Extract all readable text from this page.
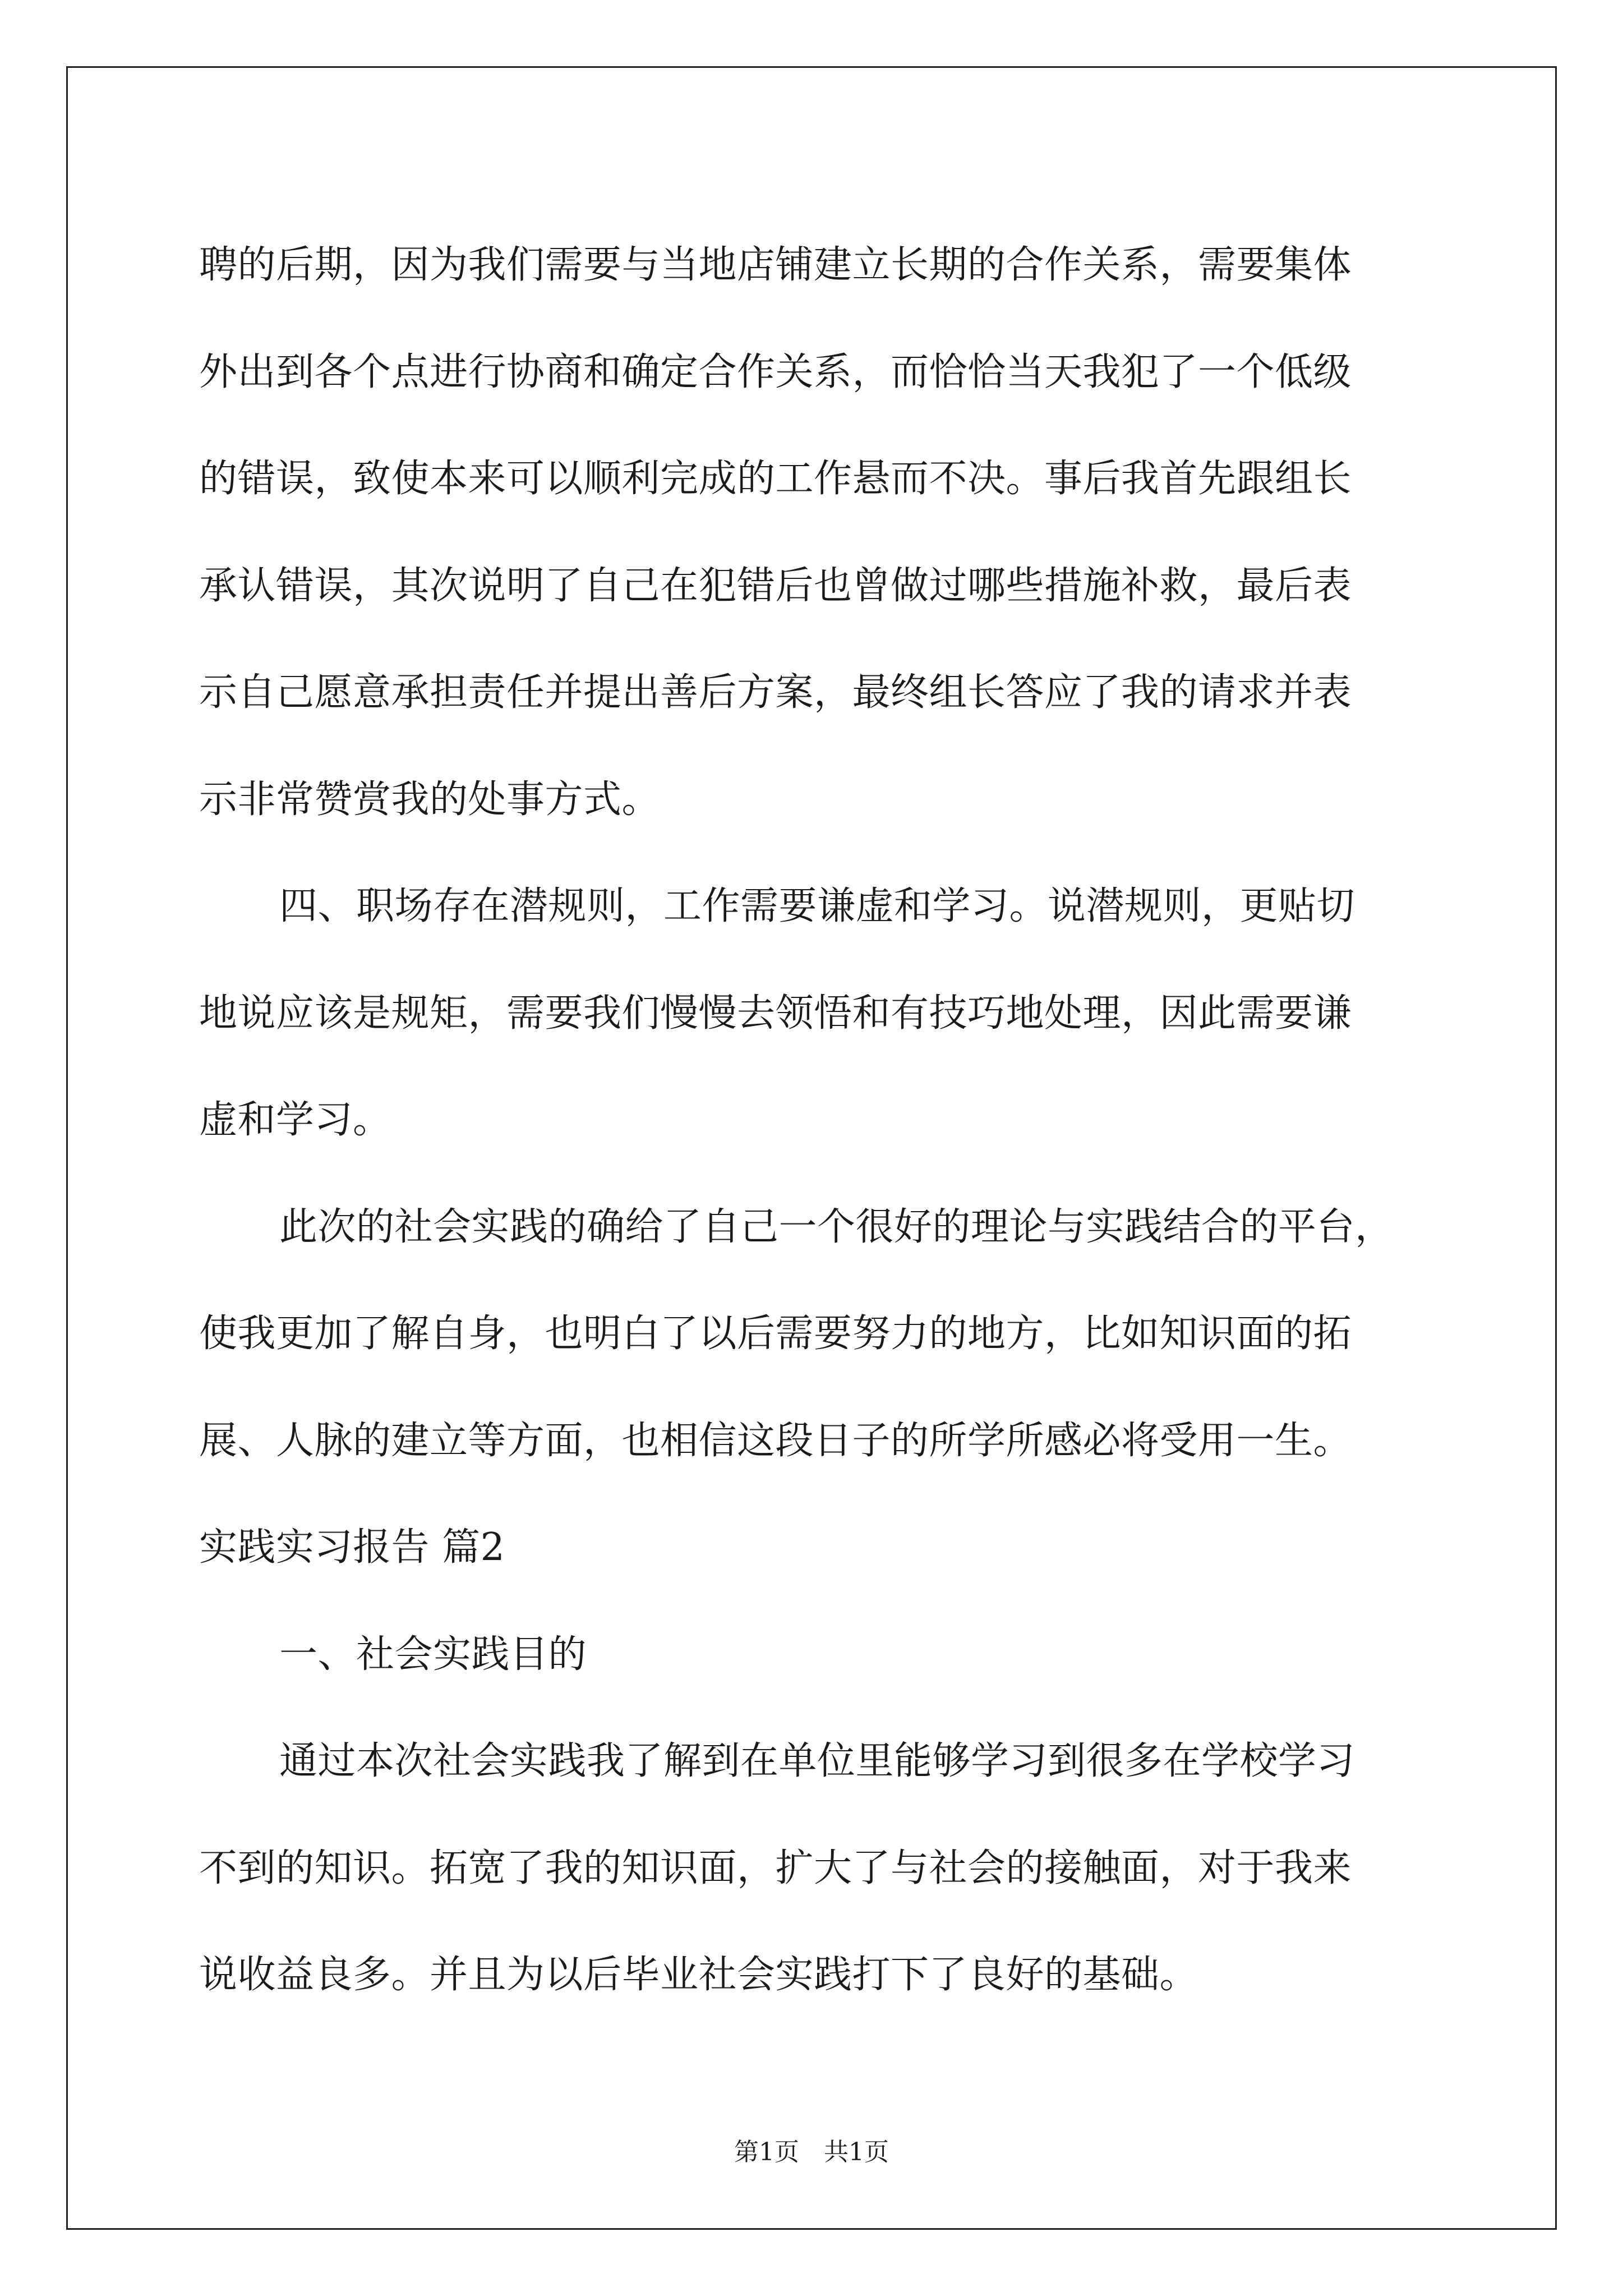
聘的后期，因为我们需要与当地店铺建立长期的合作关系，需要集体
外出到各个点进行协商和确定合作关系，而恰恰当天我犯了一个低级
的错误，致使本来可以顺利完成的工作悬而不决。事后我首先跟组长
承认错误，其次说明了自己在犯错后也曾做过哪些措施补救，最后表
示自己愿意承担责任并提出善后方案，最终组长答应了我的请求并表
示非常赞赏我的处事方式。

四、职场存在潜规则，工作需要谦虚和学习。说潜规则，更贴切
地说应该是规矩，需要我们慢慢去领悟和有技巧地处理，因此需要谦
虚和学习。

此次的社会实践的确给了自己一个很好的理论与实践结合的平台，
使我更加了解自身，也明白了以后需要努力的地方，比如知识面的拓
展、人脉的建立等方面，也相信这段日子的所学所感必将受用一生。

实践实习报告 篇2

一、社会实践目的

通过本次社会实践我了解到在单位里能够学习到很多在学校学习
不到的知识。拓宽了我的知识面，扩大了与社会的接触面，对于我来
说收益良多。并且为以后毕业社会实践打下了良好的基础。

第1页 共1页
